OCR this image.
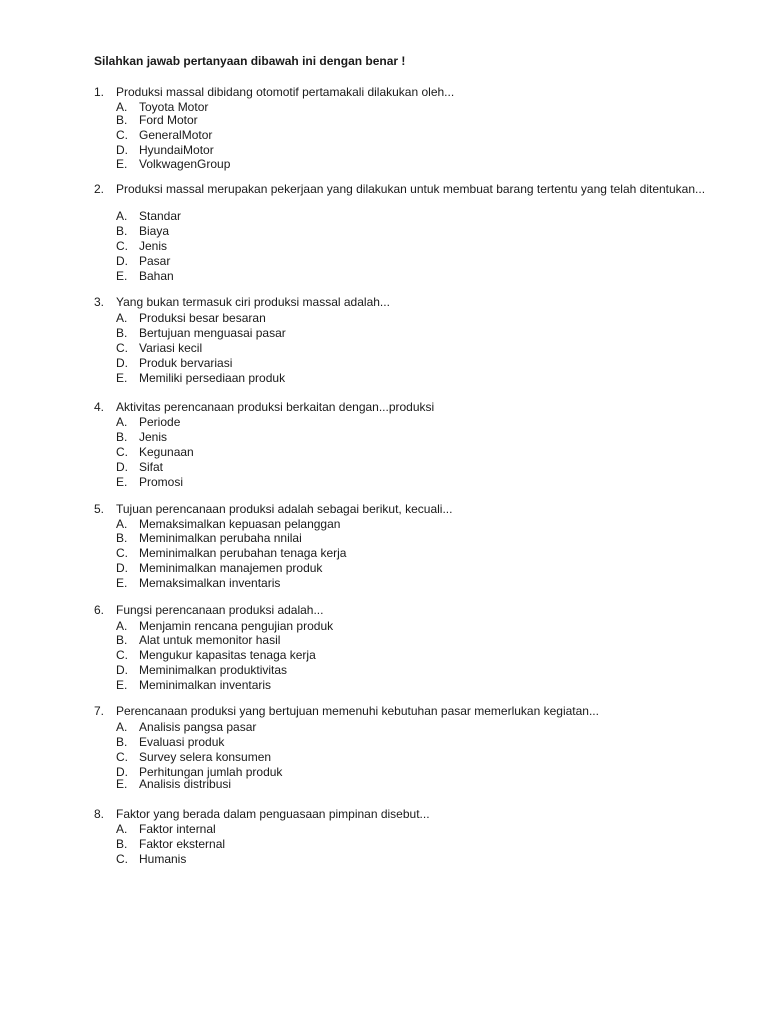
Silahkan jawab pertanyaan dibawah ini dengan benar !
1. Produksi massal dibidang otomotif pertamakali dilakukan oleh...
A. Toyota Motor
B. Ford Motor
C. GeneralMotor
D. HyundaiMotor
E. VolkwagenGroup
2. Produksi massal merupakan pekerjaan yang dilakukan untuk membuat barang tertentu yang telah ditentukan...
A. Standar
B. Biaya
C. Jenis
D. Pasar
E. Bahan
3. Yang bukan termasuk ciri produksi massal adalah...
A. Produksi besar besaran
B. Bertujuan menguasai pasar
C. Variasi kecil
D. Produk bervariasi
E. Memiliki persediaan produk
4. Aktivitas perencanaan produksi berkaitan dengan...produksi
A. Periode
B. Jenis
C. Kegunaan
D. Sifat
E. Promosi
5. Tujuan perencanaan produksi adalah sebagai berikut, kecuali...
A. Memaksimalkan kepuasan pelanggan
B. Meminimalkan perubaha nnilai
C. Meminimalkan perubahan tenaga kerja
D. Meminimalkan manajemen produk
E. Memaksimalkan inventaris
6. Fungsi perencanaan produksi adalah...
A. Menjamin rencana pengujian produk
B. Alat untuk memonitor hasil
C. Mengukur kapasitas tenaga kerja
D. Meminimalkan produktivitas
E. Meminimalkan inventaris
7. Perencanaan produksi yang bertujuan memenuhi kebutuhan pasar memerlukan kegiatan...
A. Analisis pangsa pasar
B. Evaluasi produk
C. Survey selera konsumen
D. Perhitungan jumlah produk
E. Analisis distribusi
8. Faktor yang berada dalam penguasaan pimpinan disebut...
A. Faktor internal
B. Faktor eksternal
C. Humanis
